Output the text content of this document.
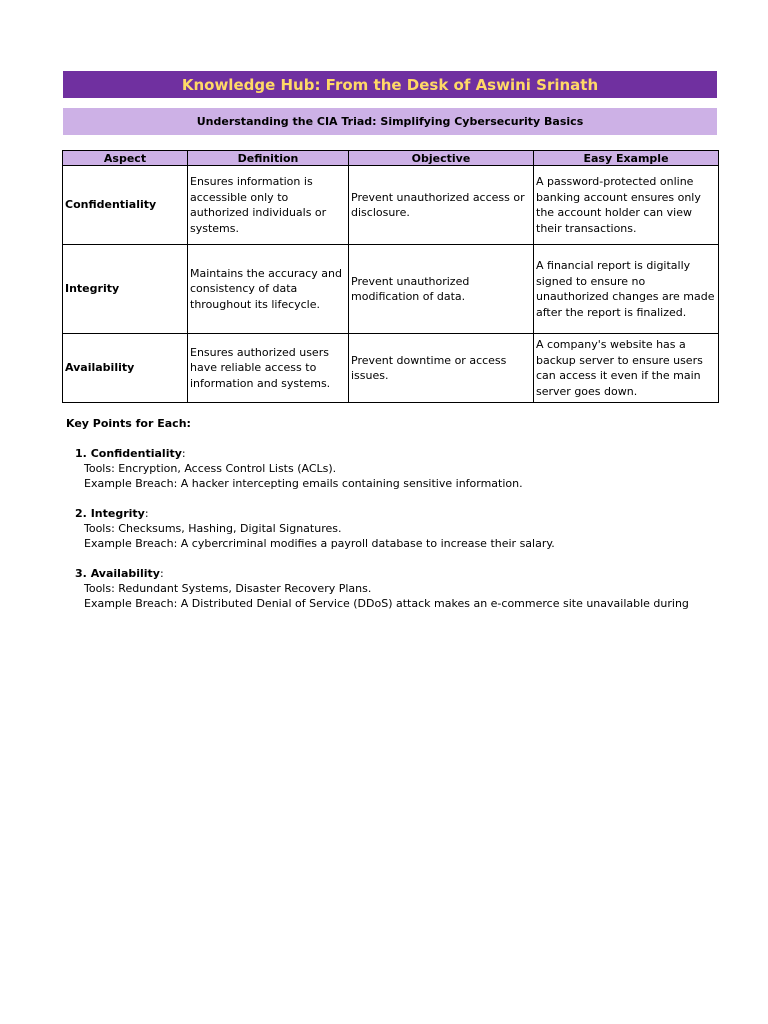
Knowledge Hub: From the Desk of Aswini Srinath
Understanding the CIA Triad: Simplifying Cybersecurity Basics
Aspect	Definition	Objective	Easy Example
Confidentiality	Ensures information is accessible only to authorized individuals or systems.	Prevent unauthorized access or disclosure.	A password-protected online banking account ensures only the account holder can view their transactions.
Integrity	Maintains the accuracy and consistency of data throughout its lifecycle.	Prevent unauthorized modification of data.	A financial report is digitally signed to ensure no unauthorized changes are made after the report is finalized.
Availability	Ensures authorized users have reliable access to information and systems.	Prevent downtime or access issues.	A company's website has a backup server to ensure users can access it even if the main server goes down.
Key Points for Each:
1. Confidentiality:
Tools: Encryption, Access Control Lists (ACLs).
Example Breach: A hacker intercepting emails containing sensitive information.
2. Integrity:
Tools: Checksums, Hashing, Digital Signatures.
Example Breach: A cybercriminal modifies a payroll database to increase their salary.
3. Availability:
Tools: Redundant Systems, Disaster Recovery Plans.
Example Breach: A Distributed Denial of Service (DDoS) attack makes an e-commerce site unavailable during
